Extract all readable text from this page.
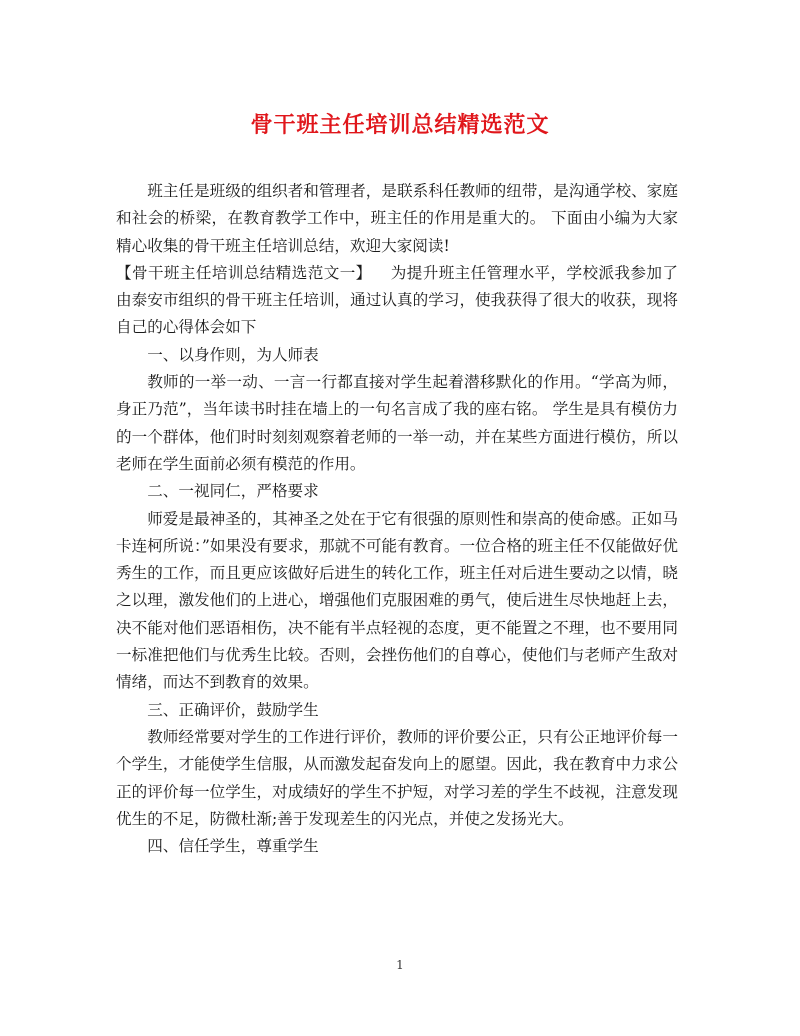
骨干班主任培训总结精选范文

班主任是班级的组织者和管理者，是联系科任教师的纽带，是沟通学校、家庭和社会的桥梁，在教育教学工作中，班主任的作用是重大的。 下面由小编为大家精心收集的骨干班主任培训总结，欢迎大家阅读!

【骨干班主任培训总结精选范文一】 为提升班主任管理水平，学校派我参加了由泰安市组织的骨干班主任培训，通过认真的学习，使我获得了很大的收获，现将自己的心得体会如下

一、以身作则，为人师表

教师的一举一动、一言一行都直接对学生起着潜移默化的作用。“学高为师，身正乃范”，当年读书时挂在墙上的一句名言成了我的座右铭。 学生是具有模仿力的一个群体，他们时时刻刻观察着老师的一举一动，并在某些方面进行模仿，所以老师在学生面前必须有模范的作用。

二、一视同仁，严格要求

师爱是最神圣的，其神圣之处在于它有很强的原则性和崇高的使命感。正如马卡连柯所说：”如果没有要求，那就不可能有教育。一位合格的班主任不仅能做好优秀生的工作，而且更应该做好后进生的转化工作，班主任对后进生要动之以情，晓之以理，激发他们的上进心，增强他们克服困难的勇气，使后进生尽快地赶上去，决不能对他们恶语相伤，决不能有半点轻视的态度，更不能置之不理，也不要用同一标准把他们与优秀生比较。否则，会挫伤他们的自尊心，使他们与老师产生敌对情绪，而达不到教育的效果。

三、正确评价，鼓励学生

教师经常要对学生的工作进行评价，教师的评价要公正，只有公正地评价每一个学生，才能使学生信服，从而激发起奋发向上的愿望。因此，我在教育中力求公正的评价每一位学生，对成绩好的学生不护短，对学习差的学生不歧视，注意发现优生的不足，防微杜渐;善于发现差生的闪光点，并使之发扬光大。

四、信任学生，尊重学生

1
